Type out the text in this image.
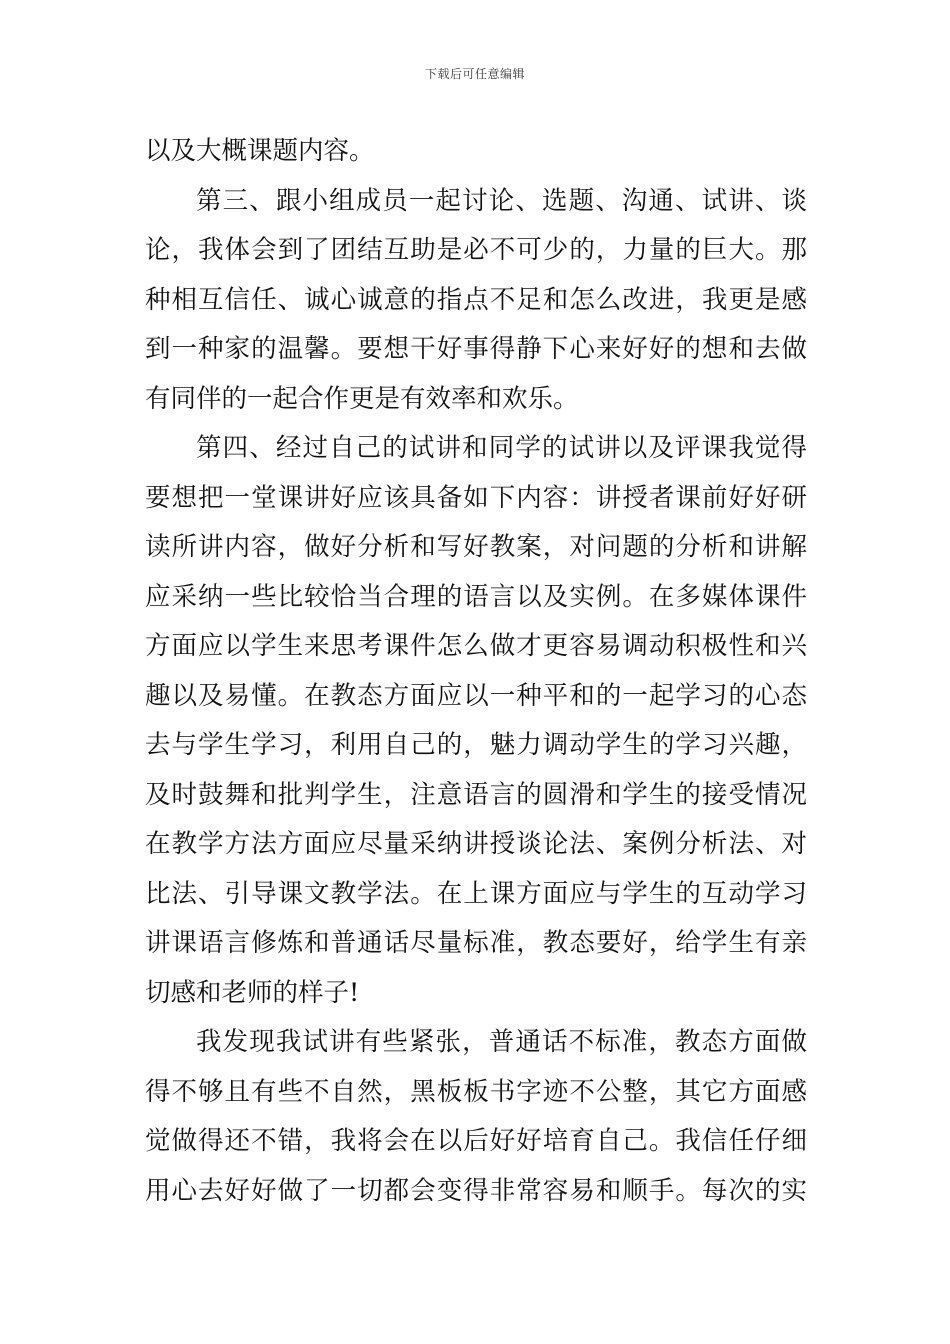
下载后可任意编辑
以及大概课题内容。
第三、跟小组成员一起讨论、选题、沟通、试讲、谈
论，我体会到了团结互助是必不可少的，力量的巨大。那
种相互信任、诚心诚意的指点不足和怎么改进，我更是感
到一种家的温馨。要想干好事得静下心来好好的想和去做
有同伴的一起合作更是有效率和欢乐。
第四、经过自己的试讲和同学的试讲以及评课我觉得
要想把一堂课讲好应该具备如下内容：讲授者课前好好研
读所讲内容，做好分析和写好教案，对问题的分析和讲解
应采纳一些比较恰当合理的语言以及实例。在多媒体课件
方面应以学生来思考课件怎么做才更容易调动积极性和兴
趣以及易懂。在教态方面应以一种平和的一起学习的心态
去与学生学习，利用自己的，魅力调动学生的学习兴趣，
及时鼓舞和批判学生，注意语言的圆滑和学生的接受情况
在教学方法方面应尽量采纳讲授谈论法、案例分析法、对
比法、引导课文教学法。在上课方面应与学生的互动学习
讲课语言修炼和普通话尽量标准，教态要好，给学生有亲
切感和老师的样子!
我发现我试讲有些紧张，普通话不标准，教态方面做
得不够且有些不自然，黑板板书字迹不公整，其它方面感
觉做得还不错，我将会在以后好好培育自己。我信任仔细
用心去好好做了一切都会变得非常容易和顺手。每次的实
